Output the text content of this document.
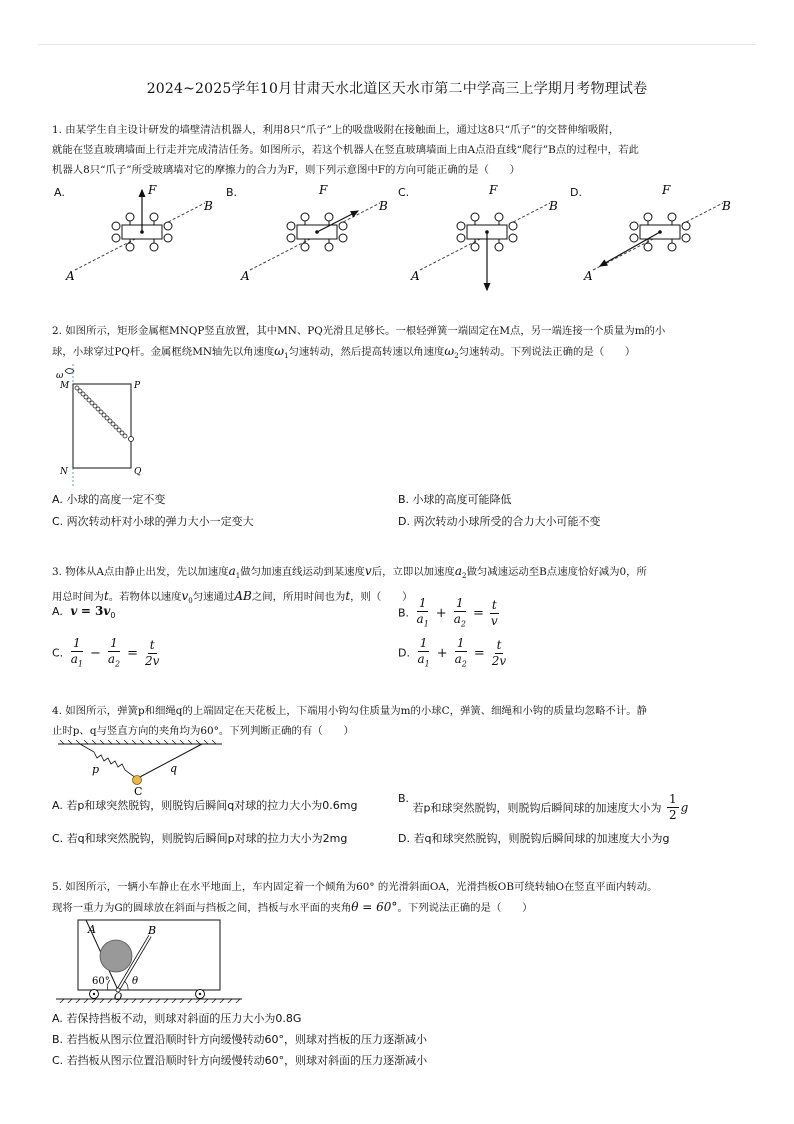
2024~2025学年10月甘肃天水北道区天水市第二中学高三上学期月考物理试卷
1. 由某学生自主设计研发的墙壁清洁机器人，利用8只“爪子”上的吸盘吸附在接触面上，通过这8只“爪子”的交替伸缩吸附，
就能在竖直玻璃墙面上行走并完成清洁任务。如图所示，若这个机器人在竖直玻璃墙面上由A点沿直线“爬行”B点的过程中，若此
机器人8只“爪子”所受玻璃墙对它的摩擦力的合力为F，则下列示意图中F的方向可能正确的是（　　）
A.	F
A
B
B.	F
A
B
C.	F
A
B
D.	F
A
B
2. 如图所示，矩形金属框MNQP竖直放置，其中MN、PQ光滑且足够长。一根轻弹簧一端固定在M点，另一端连接一个质量为m的小
球，小球穿过PQ杆。金属框绕MN轴先以角速度$\omega_1$匀速转动，然后提高转速以角速度$\omega_2$匀速转动。下列说法正确的是（　　）
ω
M	P
N	Q
A. 小球的高度一定不变	B. 小球的高度可能降低
C. 两次转动杆对小球的弹力大小一定变大	D. 两次转动小球所受的合力大小可能不变
3. 物体从A点由静止出发，先以加速度$a_1$做匀加速直线运动到某速度v后，立即以加速度$a_2$做匀减速运动至B点速度恰好减为0，所
用总时间为t。若物体以速度$v_0$匀速通过AB之间，所用时间也为t，则（　　）
A. $v = 3v_0$	B. $\frac{1}{a_1} + \frac{1}{a_2} = \frac{t}{v}$
C. $\frac{1}{a_1} - \frac{1}{a_2} = \frac{t}{2v}$	D. $\frac{1}{a_1} + \frac{1}{a_2} = \frac{t}{2v}$
4. 如图所示，弹簧p和细绳q的上端固定在天花板上，下端用小钩勾住质量为m的小球C，弹簧、细绳和小钩的质量均忽略不计。静
止时p、q与竖直方向的夹角均为60°。下列判断正确的有（　　）
p	q
C
A. 若p和球突然脱钩，则脱钩后瞬间q对球的拉力大小为0.6mg
B. 若p和球突然脱钩，则脱钩后瞬间球的加速度大小为 $\frac{1}{2}$ g
C. 若q和球突然脱钩，则脱钩后瞬间p对球的拉力大小为2mg	D. 若q和球突然脱钩，则脱钩后瞬间球的加速度大小为g
5. 如图所示，一辆小车静止在水平地面上，车内固定着一个倾角为60° 的光滑斜面OA，光滑挡板OB可绕转轴O在竖直平面内转动。
现将一重力为G的圆球放在斜面与挡板之间，挡板与水平面的夹角θ = 60°。下列说法正确的是（　　）
A	B
O
60° θ
A. 若保持挡板不动，则球对斜面的压力大小为0.8G
B. 若挡板从图示位置沿顺时针方向缓慢转动60°，则球对挡板的压力逐渐减小
C. 若挡板从图示位置沿顺时针方向缓慢转动60°，则球对斜面的压力逐渐减小
